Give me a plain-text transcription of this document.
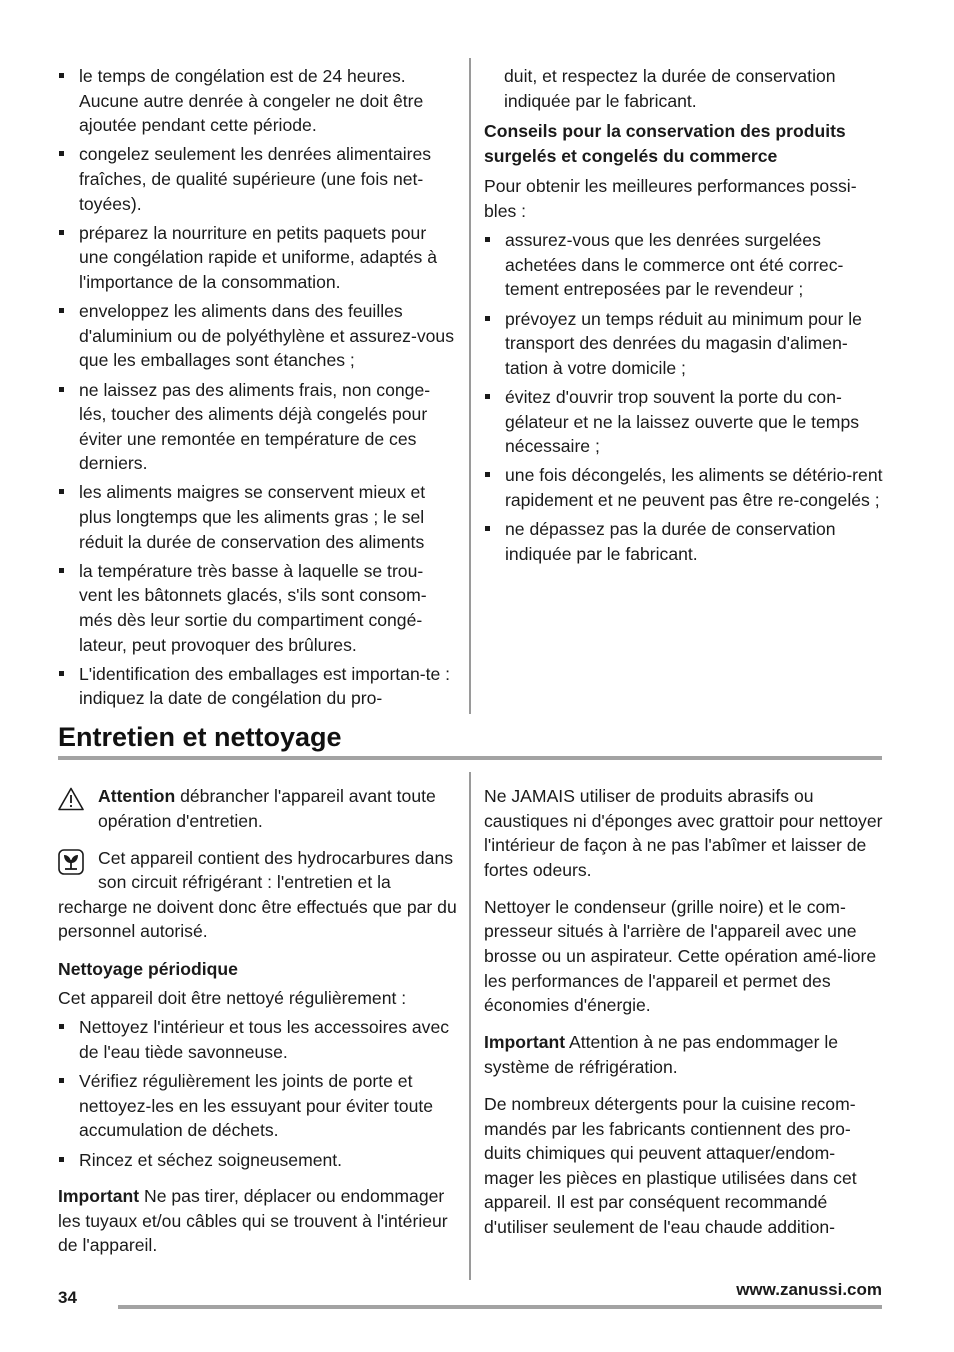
le temps de congélation est de 24 heures. Aucune autre denrée à congeler ne doit être ajoutée pendant cette période.
congelez seulement les denrées alimentaires fraîches, de qualité supérieure (une fois net-toyées).
préparez la nourriture en petits paquets pour une congélation rapide et uniforme, adaptés à l'importance de la consommation.
enveloppez les aliments dans des feuilles d'aluminium ou de polyéthylène et assurez-vous que les emballages sont étanches ;
ne laissez pas des aliments frais, non conge-lés, toucher des aliments déjà congelés pour éviter une remontée en température de ces derniers.
les aliments maigres se conservent mieux et plus longtemps que les aliments gras ; le sel réduit la durée de conservation des aliments
la température très basse à laquelle se trou-vent les bâtonnets glacés, s'ils sont consom-més dès leur sortie du compartiment congé-lateur, peut provoquer des brûlures.
L'identification des emballages est importan-te : indiquez la date de congélation du pro-

duit, et respectez la durée de conservation indiquée par le fabricant.

Conseils pour la conservation des produits surgelés et congelés du commerce

Pour obtenir les meilleures performances possi-bles :

assurez-vous que les denrées surgelées achetées dans le commerce ont été correc-tement entreposées par le revendeur ;
prévoyez un temps réduit au minimum pour le transport des denrées du magasin d'alimen-tation à votre domicile ;
évitez d'ouvrir trop souvent la porte du con-gélateur et ne la laissez ouverte que le temps nécessaire ;
une fois décongelés, les aliments se détério-rent rapidement et ne peuvent pas être re-congelés ;
ne dépassez pas la durée de conservation indiquée par le fabricant.
Entretien et nettoyage
Attention débrancher l'appareil avant toute opération d'entretien.
Cet appareil contient des hydrocarbures dans son circuit réfrigérant : l'entretien et la recharge ne doivent donc être effectués que par du personnel autorisé.
Nettoyage périodique

Cet appareil doit être nettoyé régulièrement :

Nettoyez l'intérieur et tous les accessoires avec de l'eau tiède savonneuse.
Vérifiez régulièrement les joints de porte et nettoyez-les en les essuyant pour éviter toute accumulation de déchets.
Rincez et séchez soigneusement.

Important Ne pas tirer, déplacer ou endommager les tuyaux et/ou câbles qui se trouvent à l'intérieur de l'appareil.

Ne JAMAIS utiliser de produits abrasifs ou caustiques ni d'éponges avec grattoir pour nettoyer l'intérieur de façon à ne pas l'abîmer et laisser de fortes odeurs.

Nettoyer le condenseur (grille noire) et le com-presseur situés à l'arrière de l'appareil avec une brosse ou un aspirateur. Cette opération amé-liore les performances de l'appareil et permet des économies d'énergie.

Important Attention à ne pas endommager le système de réfrigération.

De nombreux détergents pour la cuisine recom-mandés par les fabricants contiennent des pro-duits chimiques qui peuvent attaquer/endom-mager les pièces en plastique utilisées dans cet appareil. Il est par conséquent recommandé d'utiliser seulement de l'eau chaude addition-

www.zanussi.com
34
